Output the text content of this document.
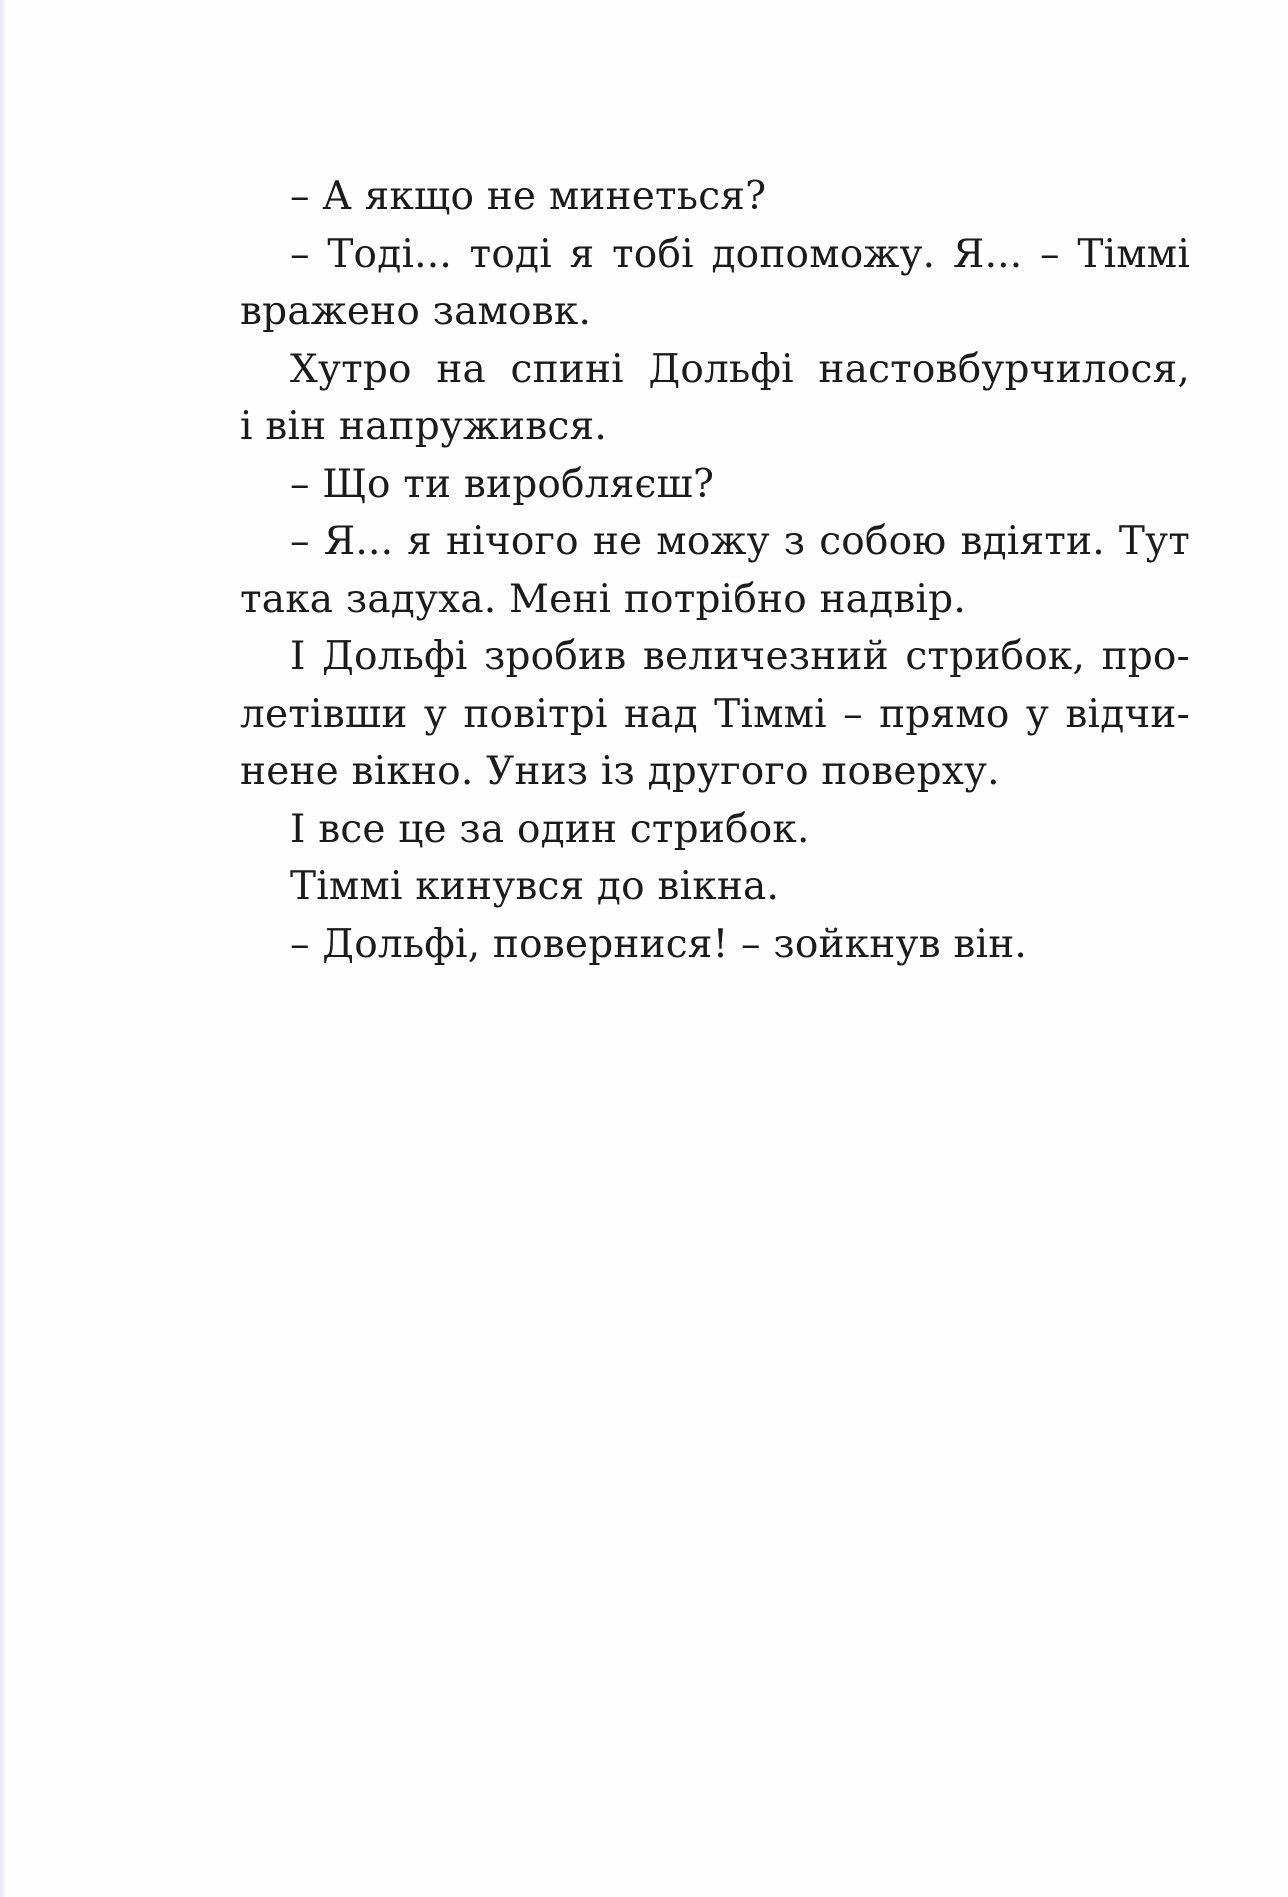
– А якщо не минеться?
– Тоді... тоді я тобі допоможу. Я... – Тіммі
вражено замовк.
Хутро на спині Дольфі настовбурчилося,
і він напружився.
– Що ти виробляєш?
– Я... я нічого не можу з собою вдіяти. Тут
така задуха. Мені потрібно надвір.
І Дольфі зробив величезний стрибок, про-
летівши у повітрі над Тіммі – прямо у відчи-
нене вікно. Униз із другого поверху.
І все це за один стрибок.
Тіммі кинувся до вікна.
– Дольфі, повернися! – зойкнув він.
